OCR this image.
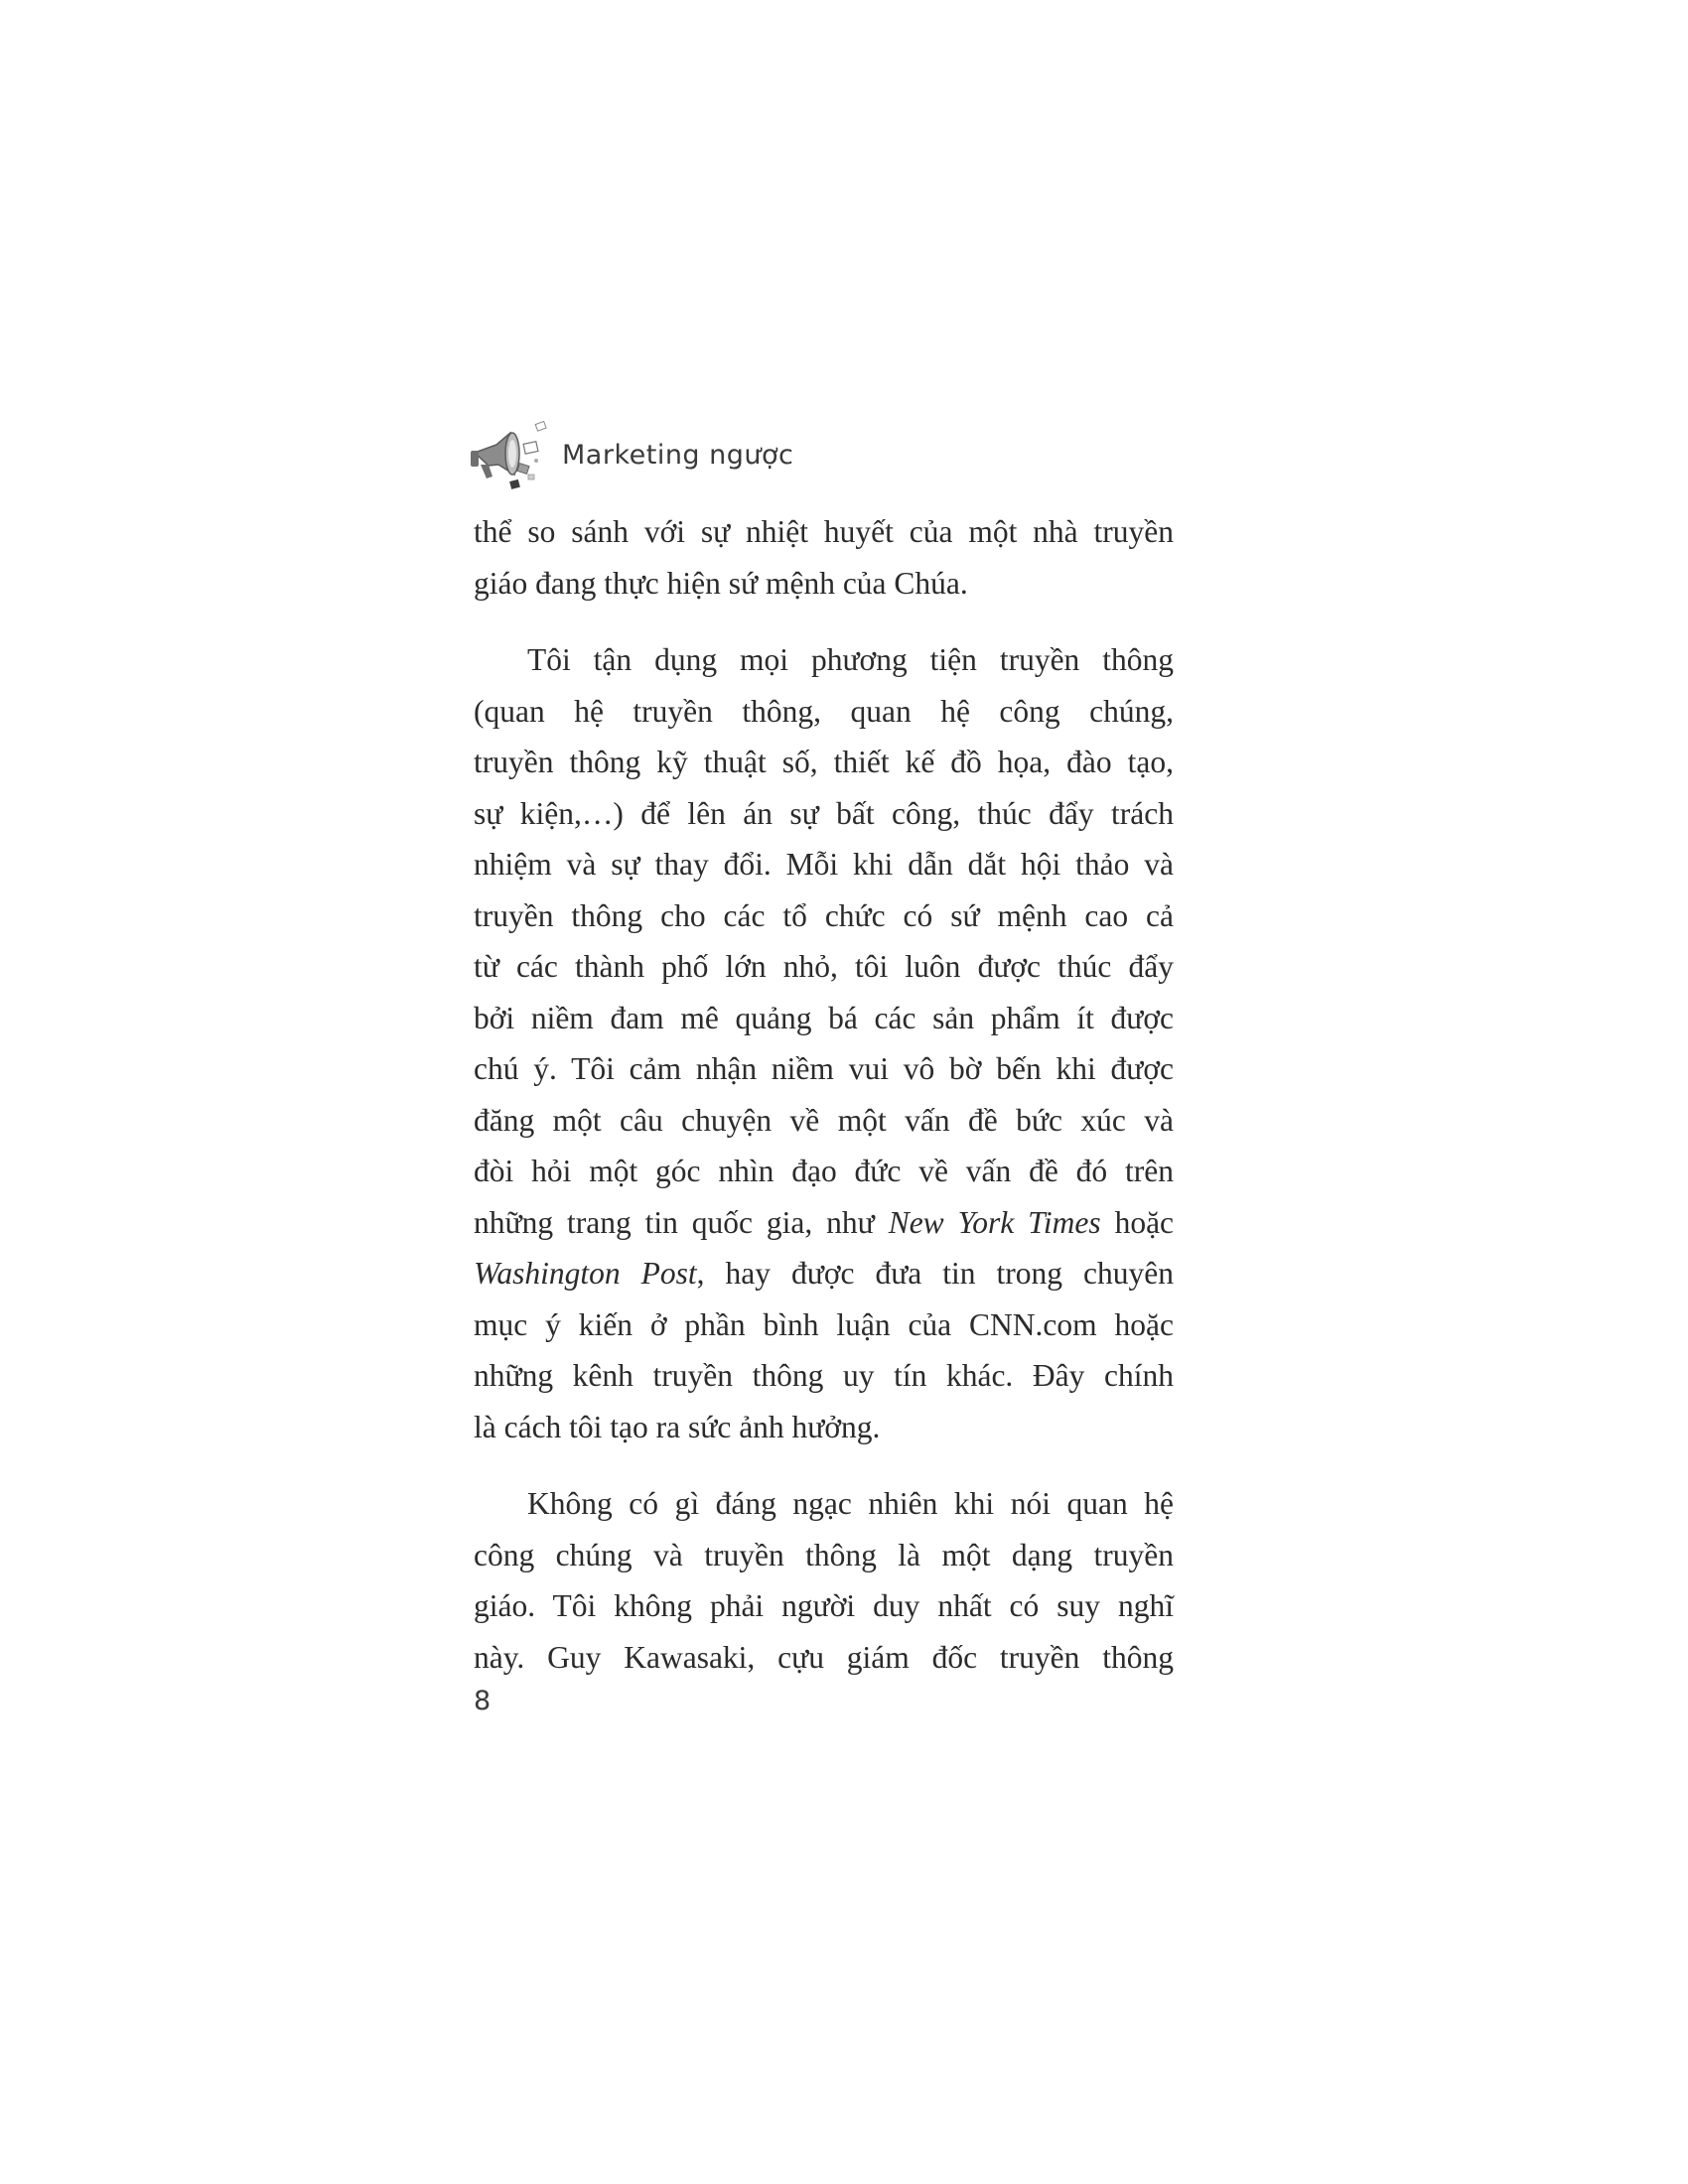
Marketing ngược

thể so sánh với sự nhiệt huyết của một nhà truyền
giáo đang thực hiện sứ mệnh của Chúa.

Tôi tận dụng mọi phương tiện truyền thông
(quan hệ truyền thông, quan hệ công chúng,
truyền thông kỹ thuật số, thiết kế đồ họa, đào tạo,
sự kiện,…) để lên án sự bất công, thúc đẩy trách
nhiệm và sự thay đổi. Mỗi khi dẫn dắt hội thảo và
truyền thông cho các tổ chức có sứ mệnh cao cả
từ các thành phố lớn nhỏ, tôi luôn được thúc đẩy
bởi niềm đam mê quảng bá các sản phẩm ít được
chú ý. Tôi cảm nhận niềm vui vô bờ bến khi được
đăng một câu chuyện về một vấn đề bức xúc và
đòi hỏi một góc nhìn đạo đức về vấn đề đó trên
những trang tin quốc gia, như New York Times hoặc
Washington Post, hay được đưa tin trong chuyên
mục ý kiến ở phần bình luận của CNN.com hoặc
những kênh truyền thông uy tín khác. Đây chính
là cách tôi tạo ra sức ảnh hưởng.

Không có gì đáng ngạc nhiên khi nói quan hệ
công chúng và truyền thông là một dạng truyền
giáo. Tôi không phải người duy nhất có suy nghĩ
này. Guy Kawasaki, cựu giám đốc truyền thông

8
